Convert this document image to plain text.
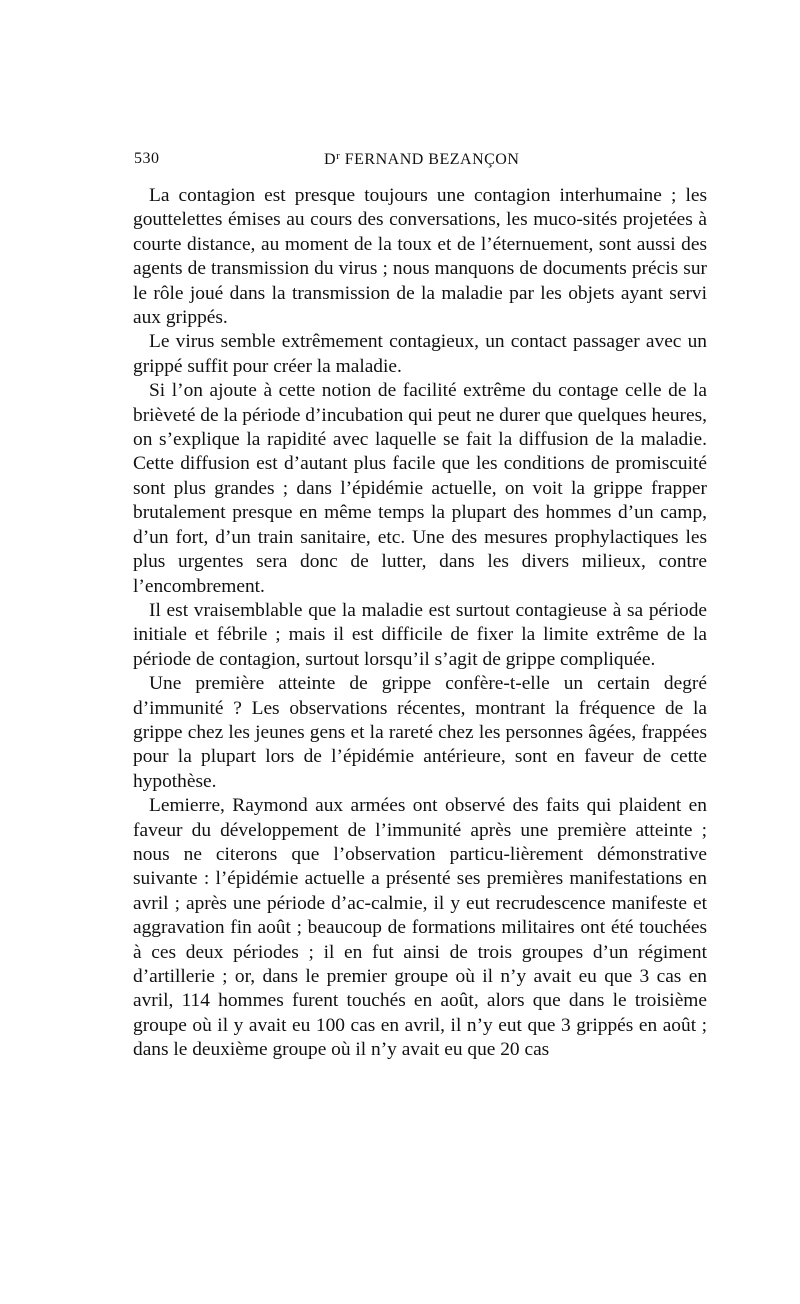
530	$D^r$ FERNAND BEZANÇON

La contagion est presque toujours une contagion interhumaine ; les gouttelettes émises au cours des conversations, les muco-sités projetées à courte distance, au moment de la toux et de l’éternuement, sont aussi des agents de transmission du virus ; nous manquons de documents précis sur le rôle joué dans la transmission de la maladie par les objets ayant servi aux grippés.

Le virus semble extrêmement contagieux, un contact passager avec un grippé suffit pour créer la maladie.

Si l’on ajoute à cette notion de facilité extrême du contage celle de la brièveté de la période d’incubation qui peut ne durer que quelques heures, on s’explique la rapidité avec laquelle se fait la diffusion de la maladie. Cette diffusion est d’autant plus facile que les conditions de promiscuité sont plus grandes ; dans l’épidémie actuelle, on voit la grippe frapper brutalement presque en même temps la plupart des hommes d’un camp, d’un fort, d’un train sanitaire, etc. Une des mesures prophylactiques les plus urgentes sera donc de lutter, dans les divers milieux, contre l’encombrement.

Il est vraisemblable que la maladie est surtout contagieuse à sa période initiale et fébrile ; mais il est difficile de fixer la limite extrême de la période de contagion, surtout lorsqu’il s’agit de grippe compliquée.

Une première atteinte de grippe confère-t-elle un certain degré d’immunité ? Les observations récentes, montrant la fréquence de la grippe chez les jeunes gens et la rareté chez les personnes âgées, frappées pour la plupart lors de l’épidémie antérieure, sont en faveur de cette hypothèse.

Lemierre, Raymond aux armées ont observé des faits qui plaident en faveur du développement de l’immunité après une première atteinte ; nous ne citerons que l’observation particu-lièrement démonstrative suivante : l’épidémie actuelle a présenté ses premières manifestations en avril ; après une période d’ac-calmie, il y eut recrudescence manifeste et aggravation fin août ; beaucoup de formations militaires ont été touchées à ces deux périodes ; il en fut ainsi de trois groupes d’un régiment d’artillerie ; or, dans le premier groupe où il n’y avait eu que 3 cas en avril, 114 hommes furent touchés en août, alors que dans le troisième groupe où il y avait eu 100 cas en avril, il n’y eut que 3 grippés en août ; dans le deuxième groupe où il n’y avait eu que 20 cas
